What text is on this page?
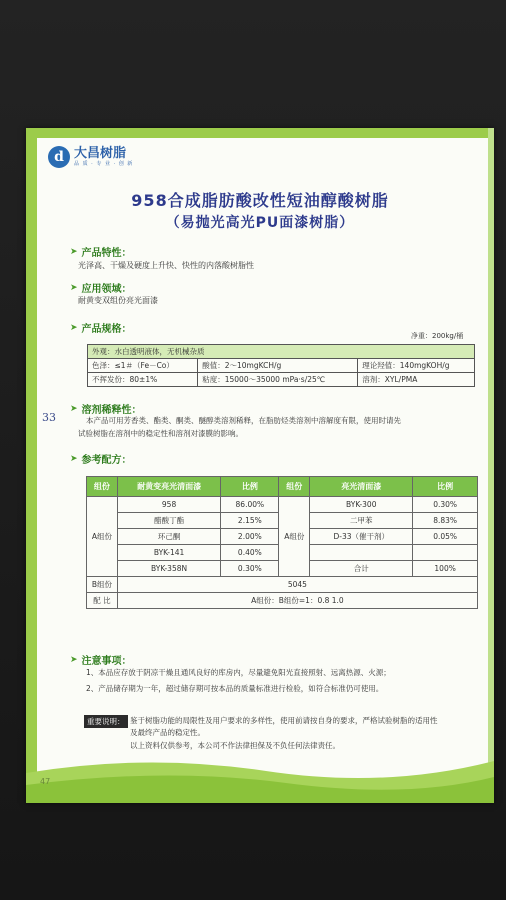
d 大昌树脂
品 质 · 专 业 · 创 新
958合成脂肪酸改性短油醇酸树脂
（易抛光高光PU面漆树脂）
➤ 产品特性：
光泽高、干燥及硬度上升快、快性的内落酸树脂性
➤ 应用领域：
耐黄变双组份亮光面漆
➤ 产品规格：
净重：200kg/桶
外观：水白透明液体，无机械杂质		
色泽：≤1＃（Fe－Co）	酸值：2～10mgKCH/g	理论羟值：140mgKOH/g
不挥发份：80±1%	粘度：15000～35000 mPa·s/25℃	溶剂：XYL/PMA
33
➤ 溶剂稀释性：
本产品可用芳香类、酯类、酮类、醚醇类溶剂稀释，在脂肪烃类溶剂中溶解度有限，使用时请先
试验树脂在溶剂中的稳定性和溶剂对漆膜的影响。
➤ 参考配方：
组份	耐黄变亮光清面漆	比例	组份	亮光清面漆	比例
A组份	958	86.00%	A组份	BYK-300	0.30%
	醋酸丁酯	2.15%		二甲苯	8.83%
	环己酮	2.00%		D-33（催干剂）	0.05%
	BYK-141	0.40%			
	BYK-358N	0.30%		合计	100%
B组份	5045				
配 比	A组份：B组份=1：0.8 1.0				
➤ 注意事项：
1、本品应存放于阴凉干燥且通风良好的库房内，尽量避免阳光直接照射、远离热源、火源；
2、产品储存期为一年，超过储存期可按本品的质量标准进行检验，如符合标准仍可使用。
重要说明： 鉴于树脂功能的局限性及用户要求的多样性，使用前请按自身的要求，严格试验树脂的适用性
及最终产品的稳定性。
以上资料仅供参考，本公司不作法律担保及不负任何法律责任。
47
